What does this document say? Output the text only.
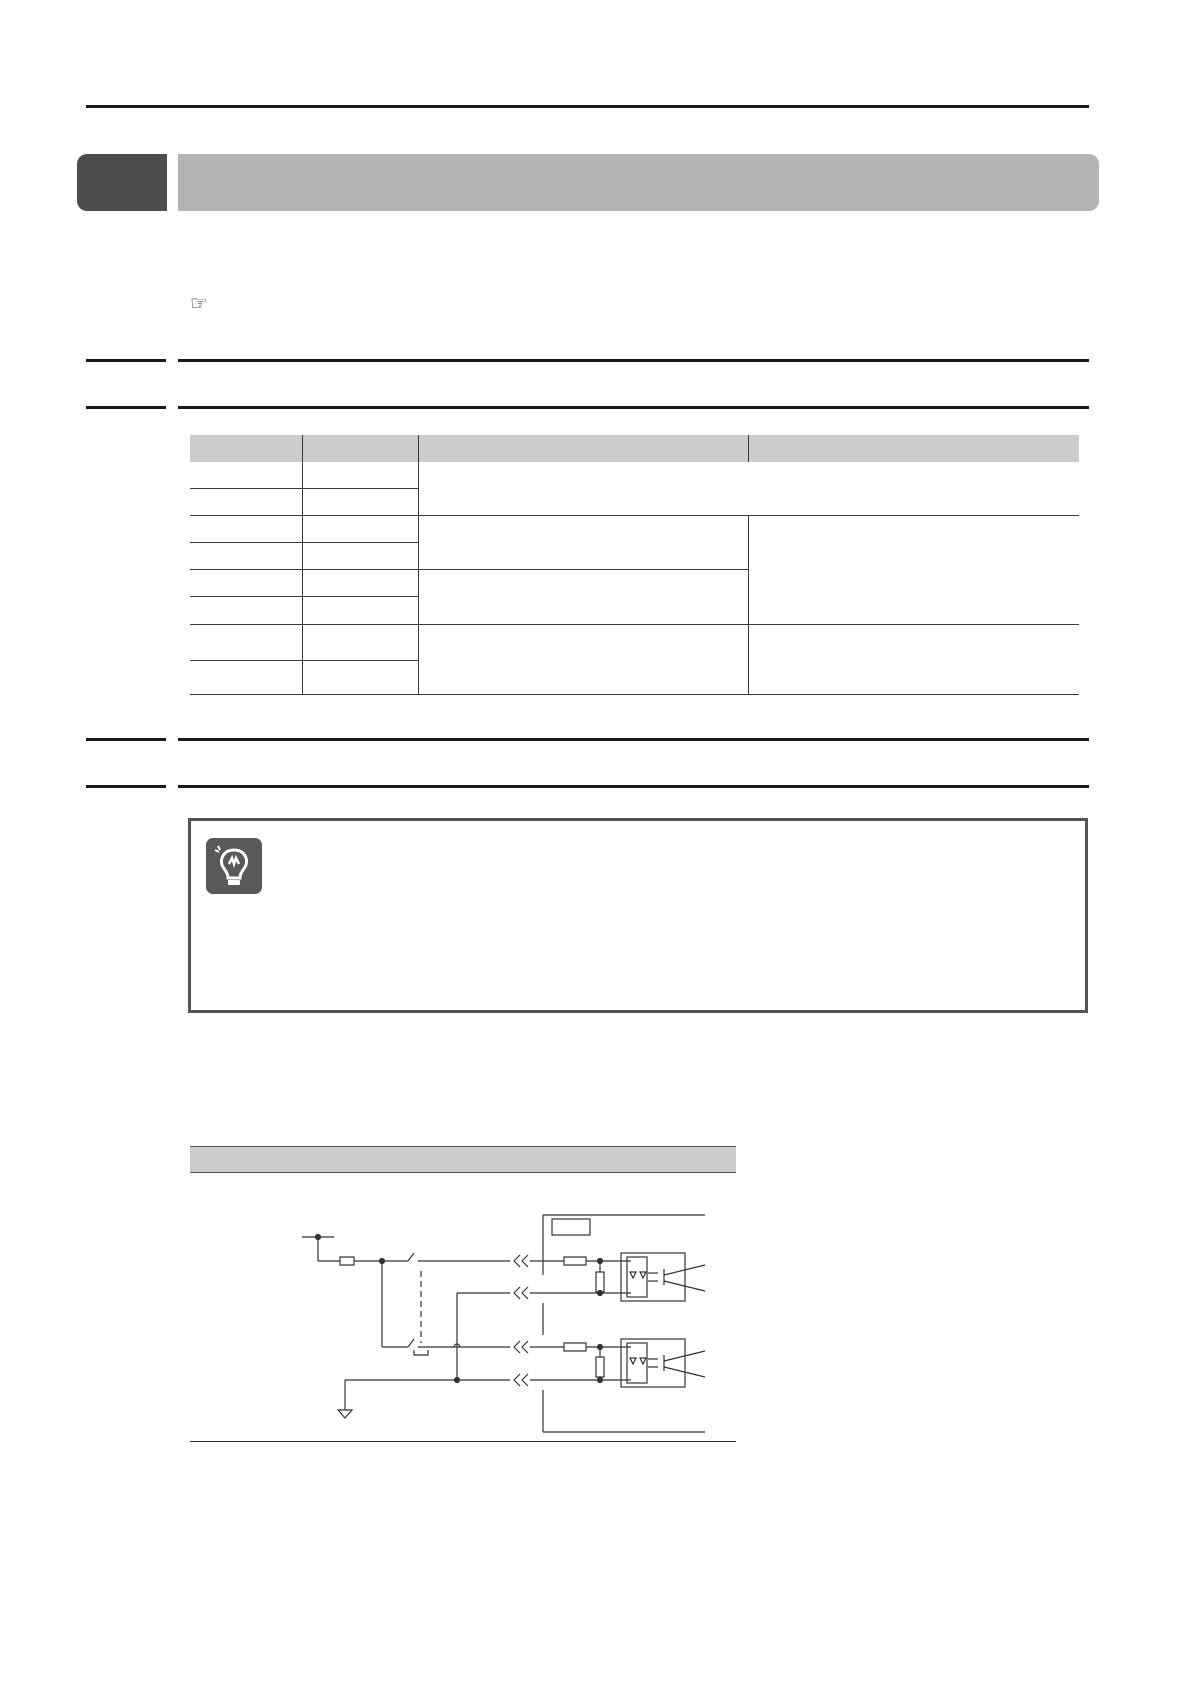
☞
